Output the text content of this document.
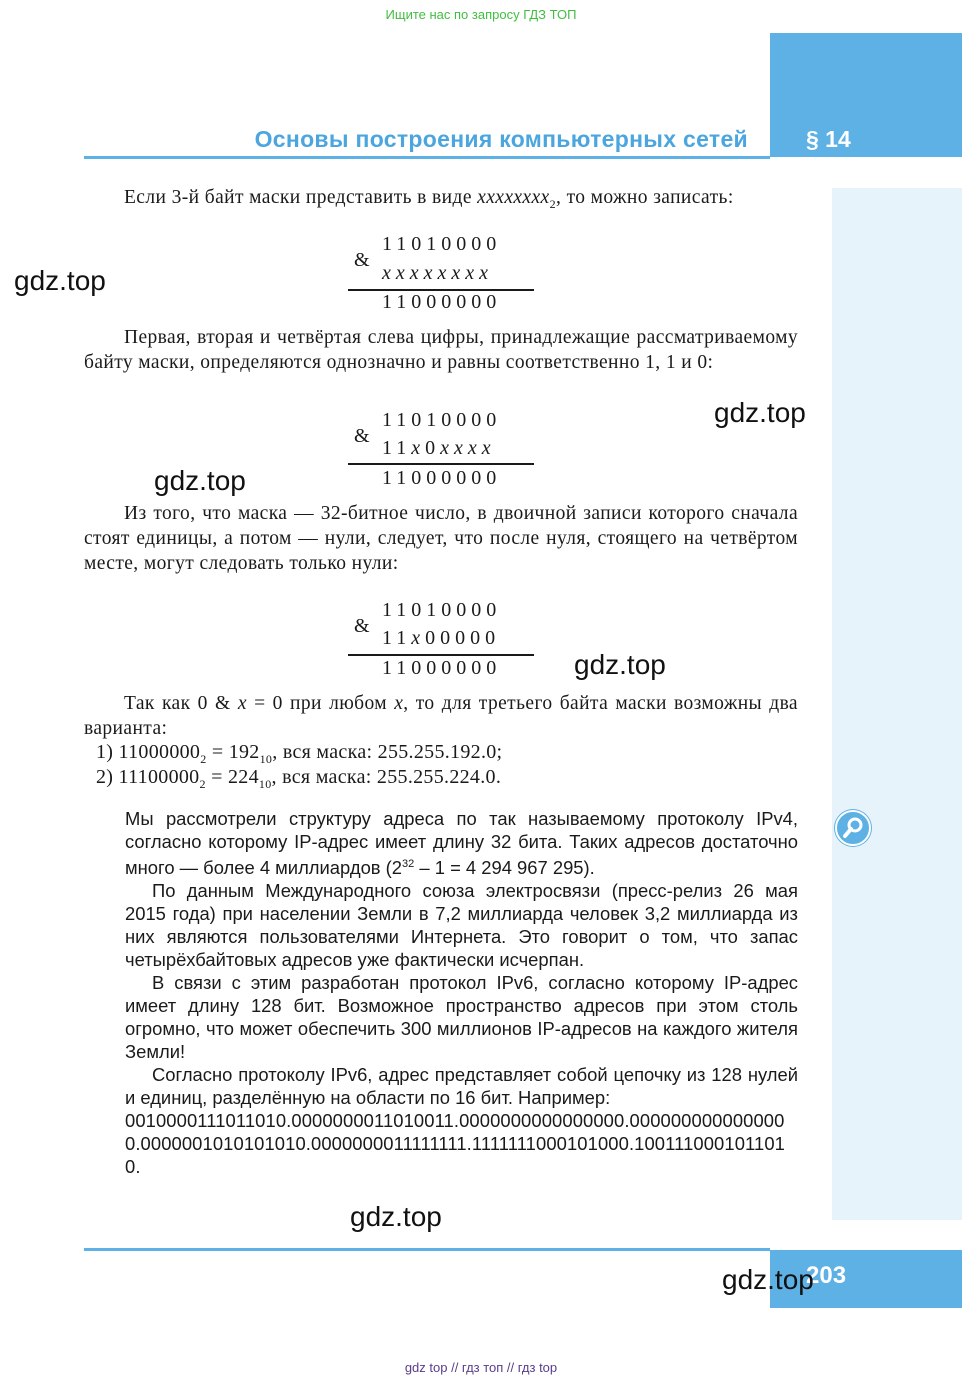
Ищите нас по запросу ГДЗ ТОП
Основы построения компьютерных сетей	§ 14
Если 3-й байт маски представить в виде xxxxxxxx$_2$, то можно записать:
&
11010000
xxxxxxxx
11000000
Первая, вторая и четвёртая слева цифры, принадлежащие рассматриваемому байту маски, определяются однозначно и равны соответственно 1, 1 и 0:
&
11010000
11x0xxxx
11000000
Из того, что маска — 32-битное число, в двоичной записи которого сначала стоят единицы, а потом — нули, следует, что после нуля, стоящего на четвёртом месте, могут следовать только нули:
&
11010000
11x00000
11000000
Так как 0 & x = 0 при любом x, то для третьего байта маски возможны два варианта:
1) $11000000_2 = 192_{10}$, вся маска: 255.255.192.0;
2) $11100000_2 = 224_{10}$, вся маска: 255.255.224.0.

Мы рассмотрели структуру адреса по так называемому протоколу IPv4, согласно которому IP-адрес имеет длину 32 бита. Таких адресов достаточно много — более 4 миллиардов ($2^{32} - 1 = 4$ 294 967 295).

По данным Международного союза электросвязи (пресс-релиз 26 мая 2015 года) при населении Земли в 7,2 миллиарда человек 3,2 миллиарда из них являются пользователями Интернета. Это говорит о том, что запас четырёхбайтовых адресов уже фактически исчерпан.

В связи с этим разработан протокол IPv6, согласно которому IP-адрес имеет длину 128 бит. Возможное пространство адресов при этом столь огромно, что может обеспечить 300 миллионов IP-адресов на каждого жителя Земли!

Согласно протоколу IPv6, адрес представляет собой цепочку из 128 нулей и единиц, разделённую на области по 16 бит. Например:

0010000111011010.0000000011010011.0000000000000000.0000000000000000.0000001010101010.0000000011111111.1111111000101000.1001110001011010.

gdz.top
gdz.top
gdz.top
gdz.top
gdz.top
203
gdz.top
gdz top // гдз топ // гдз top
